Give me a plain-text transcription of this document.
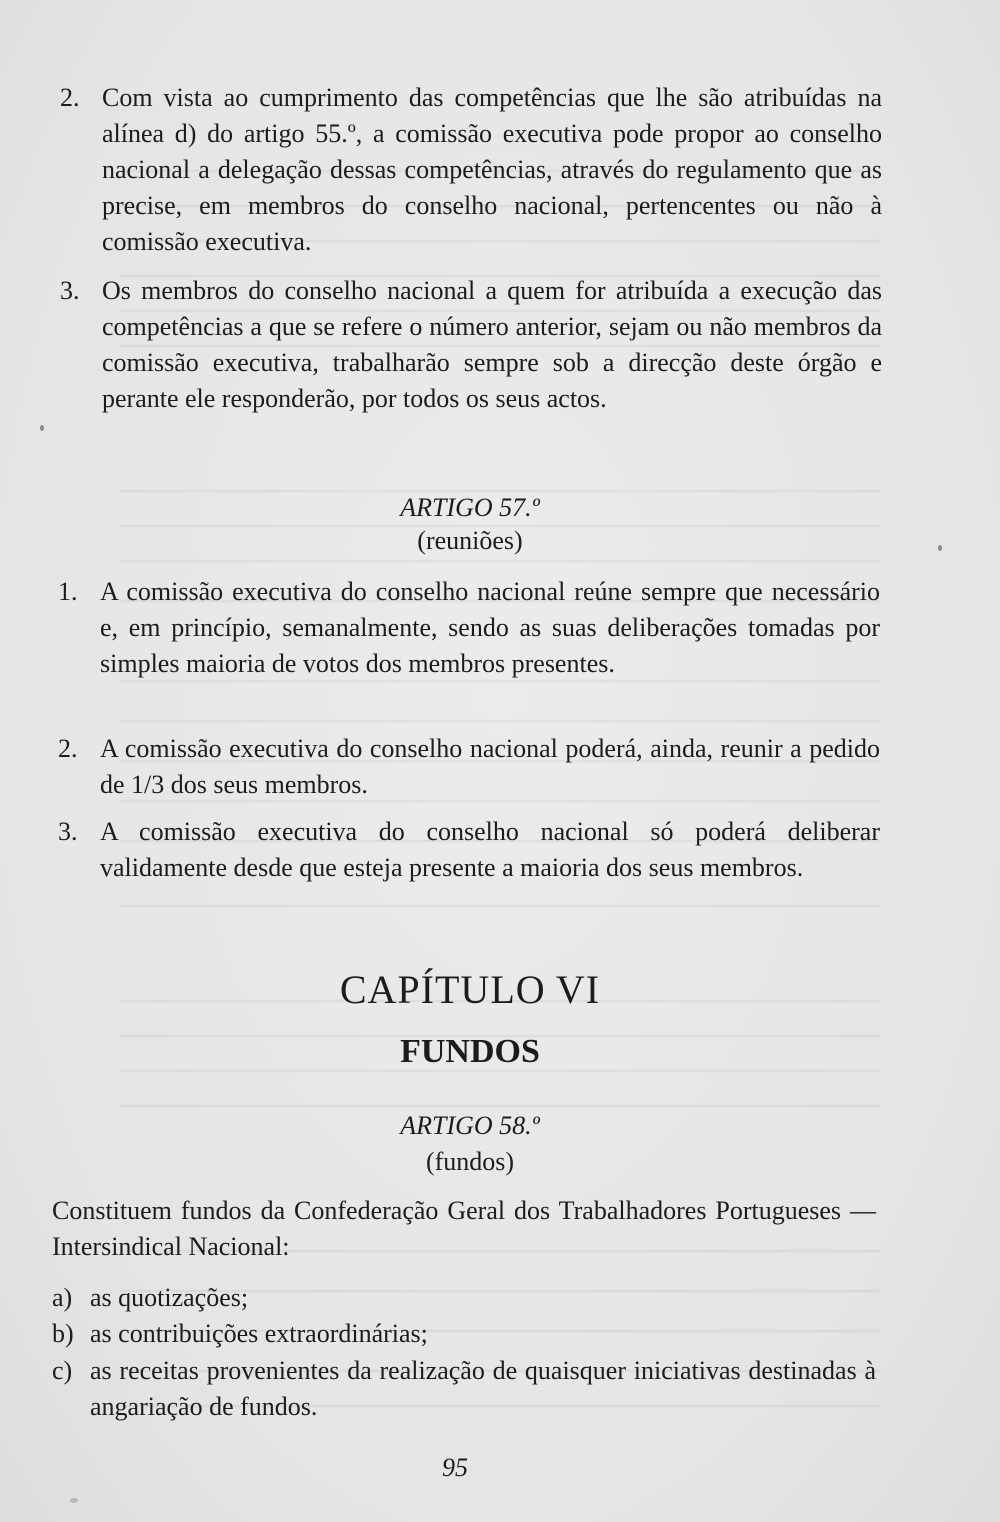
2. Com vista ao cumprimento das competências que lhe são atribuídas na alínea d) do artigo 55.º, a comissão executiva pode propor ao conselho nacional a delegação dessas competências, através do regulamento que as precise, em membros do conselho nacional, pertencentes ou não à comissão executiva.
3. Os membros do conselho nacional a quem for atribuída a execução das competências a que se refere o número anterior, sejam ou não membros da comissão executiva, trabalharão sempre sob a direcção deste órgão e perante ele responderão, por todos os seus actos.
ARTIGO 57.º
(reuniões)
1. A comissão executiva do conselho nacional reúne sempre que necessário e, em princípio, semanalmente, sendo as suas deliberações tomadas por simples maioria de votos dos membros presentes.
2. A comissão executiva do conselho nacional poderá, ainda, reunir a pedido de 1/3 dos seus membros.
3. A comissão executiva do conselho nacional só poderá deliberar validamente desde que esteja presente a maioria dos seus membros.
CAPÍTULO VI
FUNDOS
ARTIGO 58.º
(fundos)
Constituem fundos da Confederação Geral dos Trabalhadores Portugueses — Intersindical Nacional:
a) as quotizações;
b) as contribuições extraordinárias;
c) as receitas provenientes da realização de quaisquer iniciativas destinadas à angariação de fundos.
95
